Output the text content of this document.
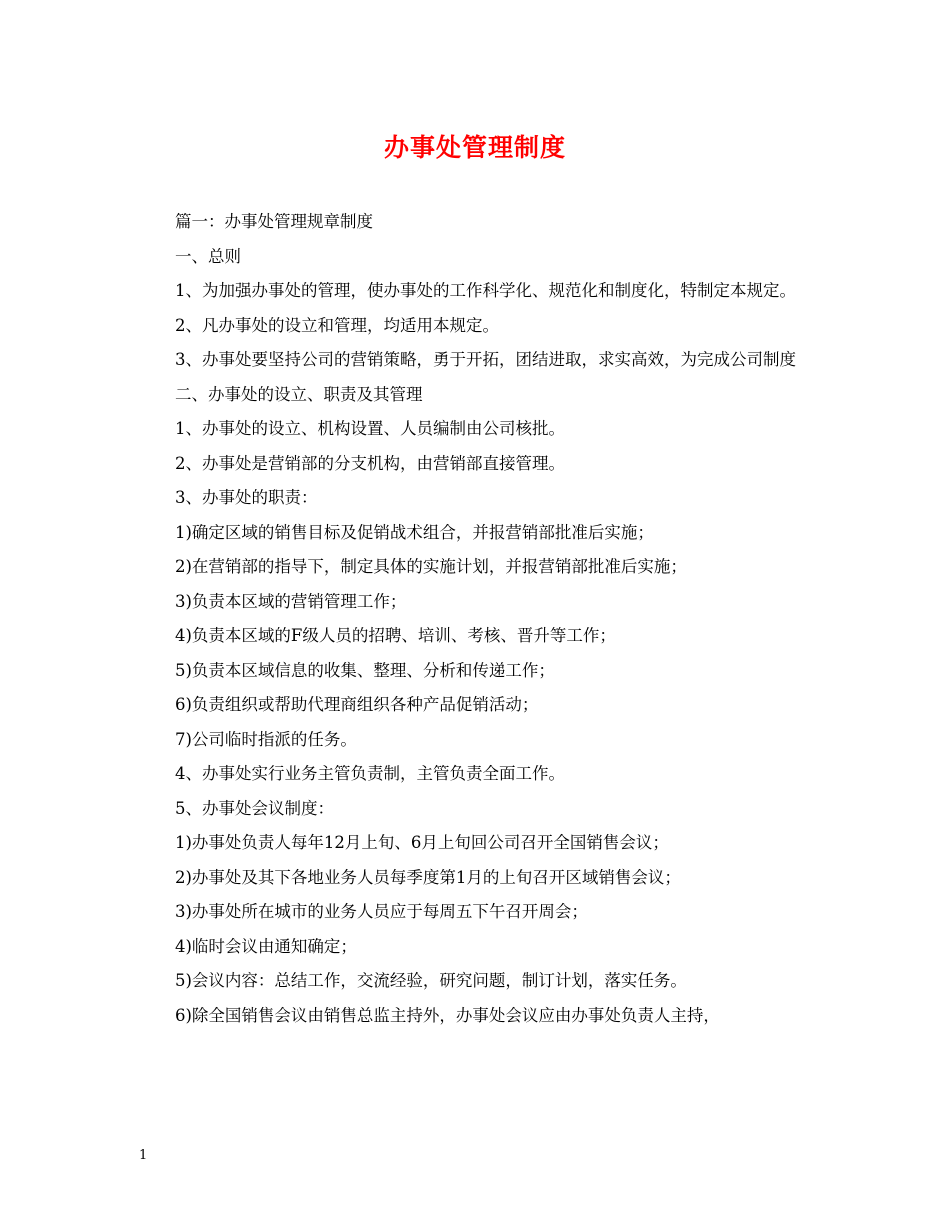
办事处管理制度

篇一：办事处管理规章制度

一、总则

1、为加强办事处的管理，使办事处的工作科学化、规范化和制度化，特制定本规定。

2、凡办事处的设立和管理，均适用本规定。

3、办事处要坚持公司的营销策略，勇于开拓，团结进取，求实高效，为完成公司制度

二、办事处的设立、职责及其管理

1、办事处的设立、机构设置、人员编制由公司核批。

2、办事处是营销部的分支机构，由营销部直接管理。

3、办事处的职责：

1)确定区域的销售目标及促销战术组合，并报营销部批准后实施；

2)在营销部的指导下，制定具体的实施计划，并报营销部批准后实施；

3)负责本区域的营销管理工作；

4)负责本区域的F级人员的招聘、培训、考核、晋升等工作；

5)负责本区域信息的收集、整理、分析和传递工作；

6)负责组织或帮助代理商组织各种产品促销活动；

7)公司临时指派的任务。

4、办事处实行业务主管负责制，主管负责全面工作。

5、办事处会议制度：

1)办事处负责人每年12月上旬、6月上旬回公司召开全国销售会议；

2)办事处及其下各地业务人员每季度第1月的上旬召开区域销售会议；

3)办事处所在城市的业务人员应于每周五下午召开周会；

4)临时会议由通知确定；

5)会议内容：总结工作，交流经验，研究问题，制订计划，落实任务。

6)除全国销售会议由销售总监主持外，办事处会议应由办事处负责人主持，

1
